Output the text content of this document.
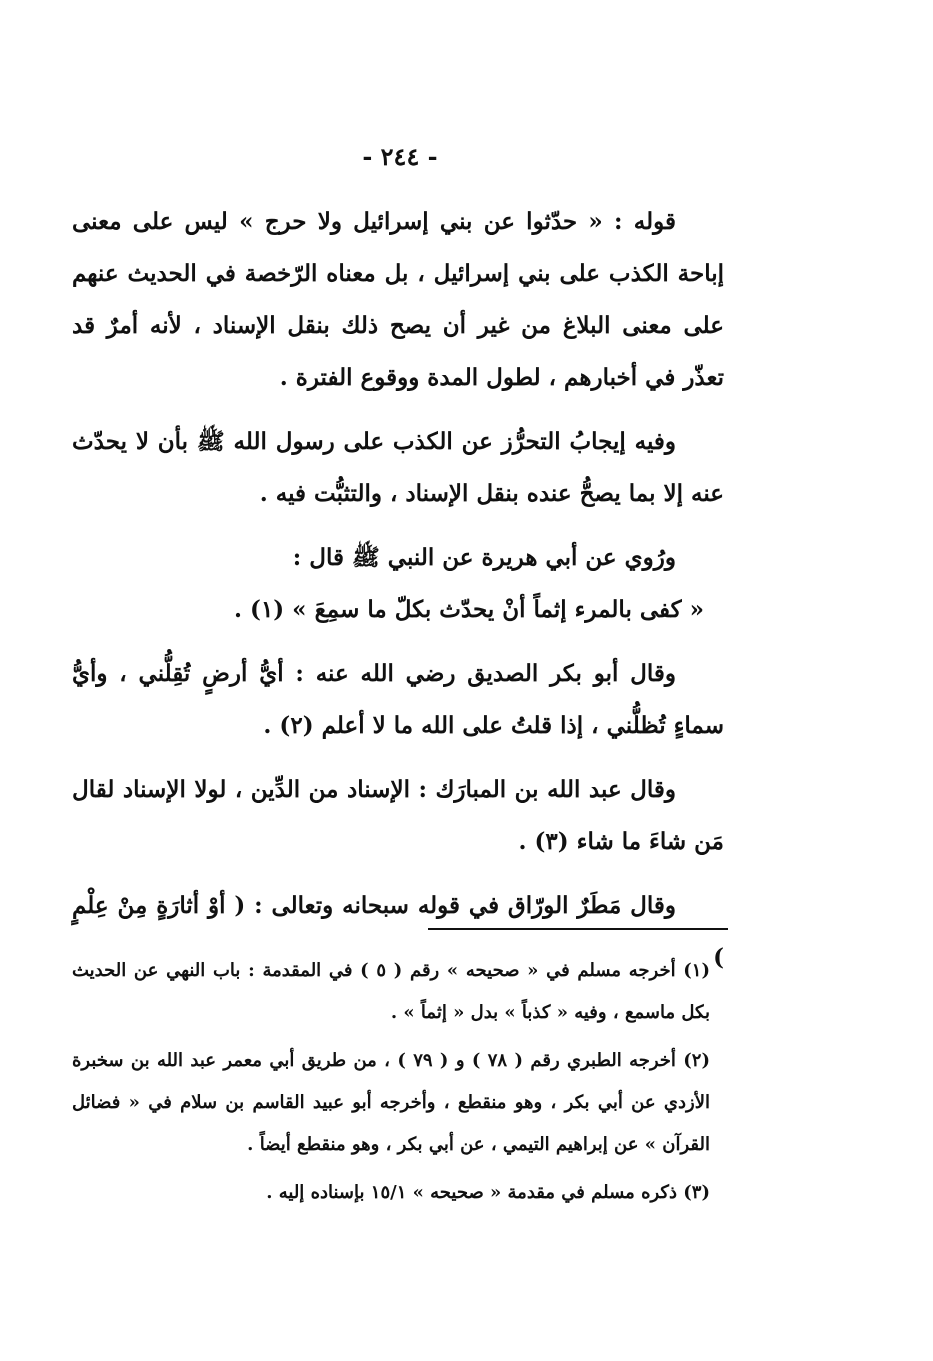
- ٢٤٤ -

قوله : « حدّثوا عن بني إسرائيل ولا حرج » ليس على معنى إباحة الكذب على بني إسرائيل ، بل معناه الرّخصة في الحديث عنهم على معنى البلاغ من غير أن يصح ذلك بنقل الإسناد ، لأنه أمرٌ قد تعذّر في أخبارهم ، لطول المدة ووقوع الفترة .

وفيه إيجابُ التحرُّز عن الكذب على رسول الله ﷺ بأن لا يحدّث عنه إلا بما يصحُّ عنده بنقل الإسناد ، والتثبُّت فيه .

ورُوي عن أبي هريرة عن النبي ﷺ قال :
« كفى بالمرء إثماً أنْ يحدّث بكلّ ما سمِعَ » (١) .

وقال أبو بكر الصديق رضي الله عنه : أيُّ أرضٍ تُقِلُّني ، وأيُّ سماءٍ تُظلُّني ، إذا قلتُ على الله ما لا أعلم (٢) .

وقال عبد الله بن المبارَك : الإسناد من الدِّين ، لولا الإسناد لقال مَن شاءَ ما شاء (٣) .

وقال مَطَرٌ الورّاق في قوله سبحانه وتعالى : ( أوْ أثارَةٍ مِنْ عِلْمٍ )

(١) أخرجه مسلم في « صحيحه » رقم ( ٥ ) في المقدمة : باب النهي عن الحديث بكل ماسمع ، وفيه « كذباً » بدل « إثماً » .

(٢) أخرجه الطبري رقم ( ٧٨ ) و ( ٧٩ ) ، من طريق أبي معمر عبد الله بن سخبرة الأزدي عن أبي بكر ، وهو منقطع ، وأخرجه أبو عبيد القاسم بن سلام في « فضائل القرآن » عن إبراهيم التيمي ، عن أبي بكر ، وهو منقطع أيضاً .

(٣) ذكره مسلم في مقدمة « صحيحه » ١٥/١ بإسناده إليه .
